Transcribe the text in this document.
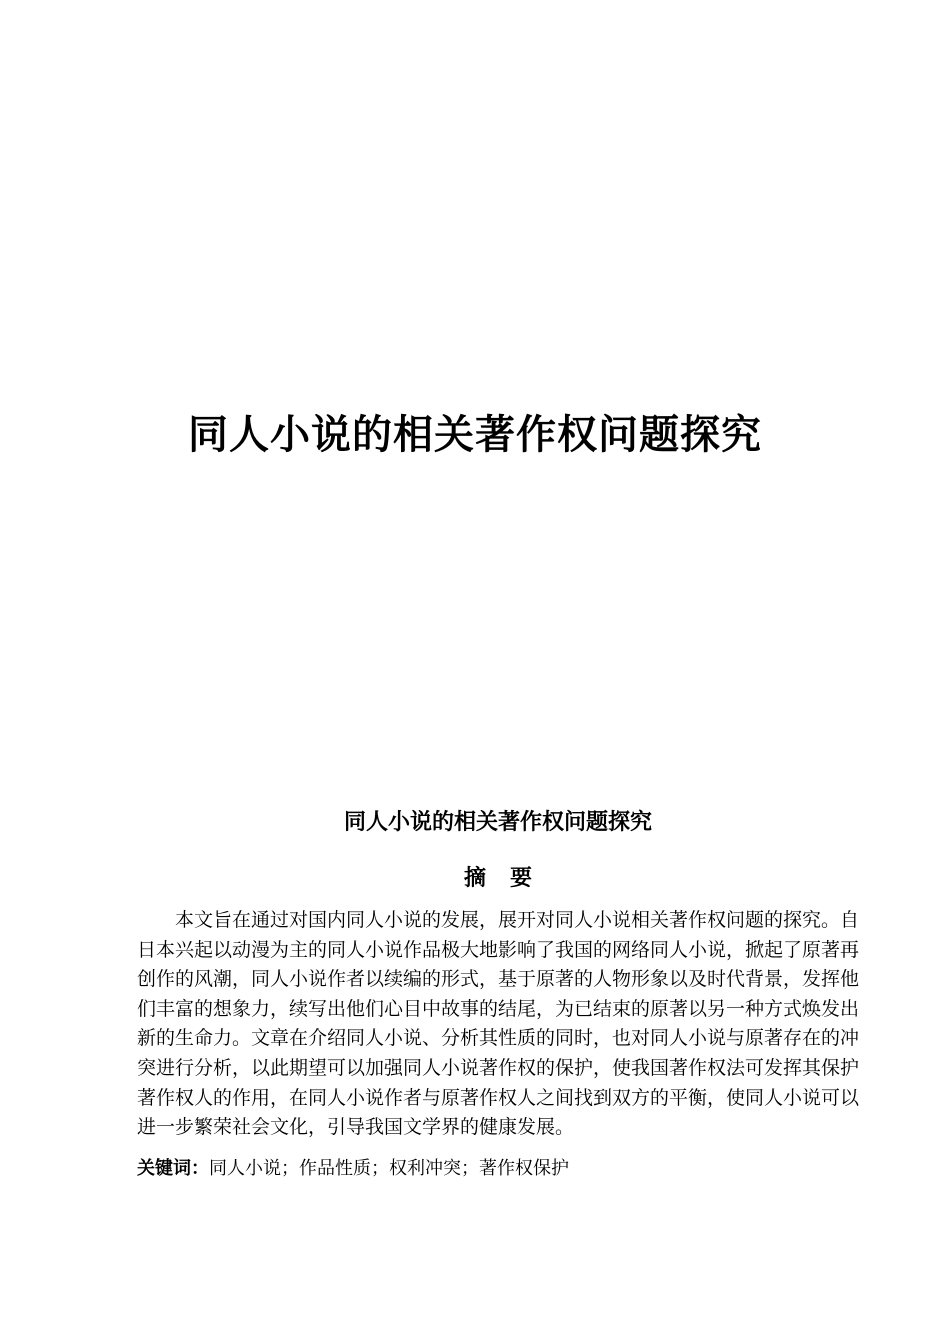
同人小说的相关著作权问题探究
同人小说的相关著作权问题探究
摘要

本文旨在通过对国内同人小说的发展，展开对同人小说相关著作权问题的探究。自日本兴起以动漫为主的同人小说作品极大地影响了我国的网络同人小说，掀起了原著再创作的风潮，同人小说作者以续编的形式，基于原著的人物形象以及时代背景，发挥他们丰富的想象力，续写出他们心目中故事的结尾，为已结束的原著以另一种方式焕发出新的生命力。文章在介绍同人小说、分析其性质的同时，也对同人小说与原著存在的冲突进行分析，以此期望可以加强同人小说著作权的保护，使我国著作权法可发挥其保护著作权人的作用，在同人小说作者与原著作权人之间找到双方的平衡，使同人小说可以进一步繁荣社会文化，引导我国文学界的健康发展。

关键词：同人小说；作品性质；权利冲突；著作权保护
